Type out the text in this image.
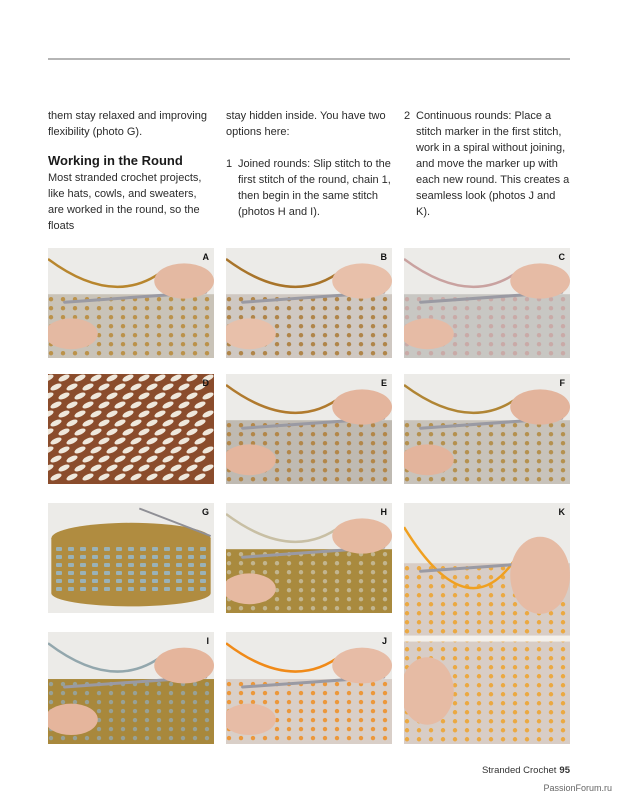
them stay relaxed and improving flexibility (photo G).

Working in the Round

Most stranded crochet projects, like hats, cowls, and sweaters, are worked in the round, so the floats

stay hidden inside. You have two options here:

1 Joined rounds: Slip stitch to the first stitch of the round, chain 1, then begin in the same stitch (photos H and I).

2 Continuous rounds: Place a stitch marker in the first stitch, work in a spiral without joining, and move the marker up with each new round. This creates a seamless look (photos J and K).

A	B	C
D	E	F
G	H
I	J
K
Stranded Crochet 95
PassionForum.ru
